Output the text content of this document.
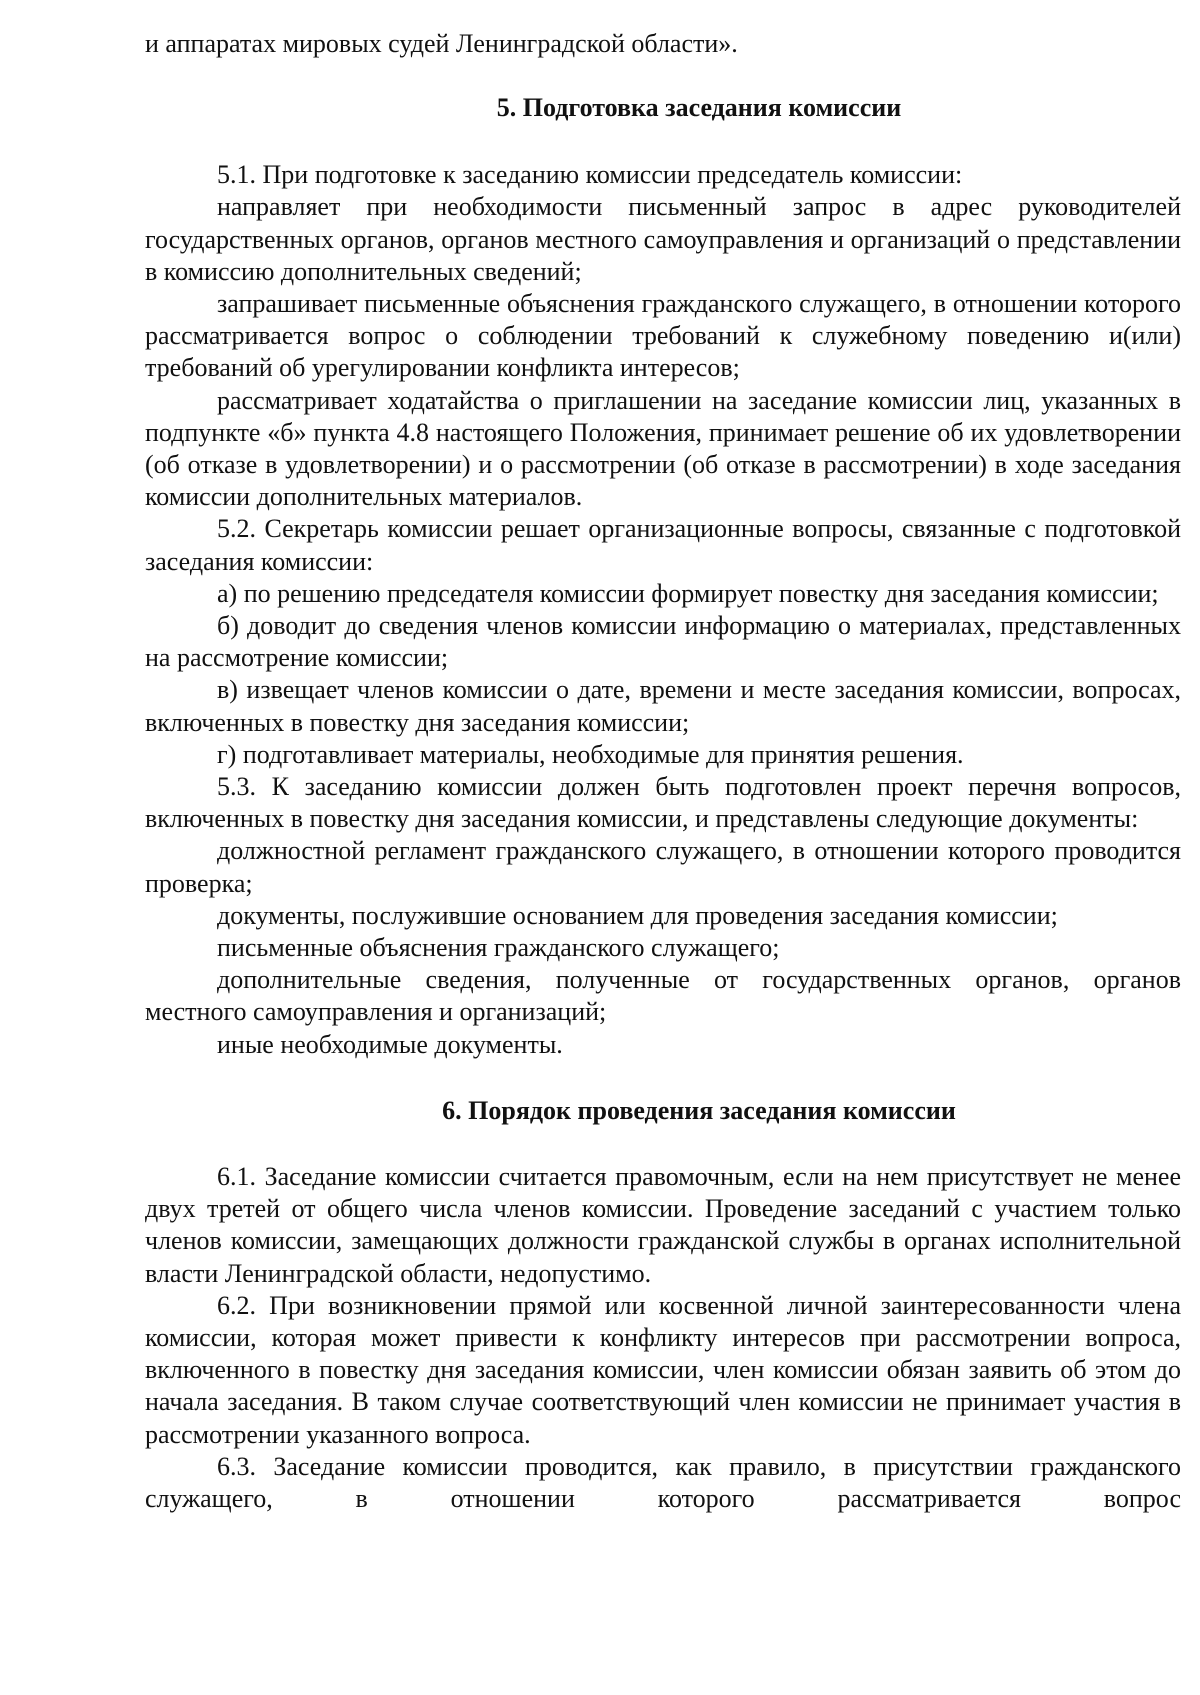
и аппаратах мировых судей Ленинградской области».

5. Подготовка заседания комиссии

5.1. При подготовке к заседанию комиссии председатель комиссии:

направляет при необходимости письменный запрос в адрес руководителей государственных органов, органов местного самоуправления и организаций о представлении в комиссию дополнительных сведений;

запрашивает письменные объяснения гражданского служащего, в отношении которого рассматривается вопрос о соблюдении требований к служебному поведению и(или) требований об урегулировании конфликта интересов;

рассматривает ходатайства о приглашении на заседание комиссии лиц, указанных в подпункте «б» пункта 4.8 настоящего Положения, принимает решение об их удовлетворении (об отказе в удовлетворении) и о рассмотрении (об отказе в рассмотрении) в ходе заседания комиссии дополнительных материалов.

5.2. Секретарь комиссии решает организационные вопросы, связанные с подготовкой заседания комиссии:

а) по решению председателя комиссии формирует повестку дня заседания комиссии;

б) доводит до сведения членов комиссии информацию о материалах, представленных на рассмотрение комиссии;

в) извещает членов комиссии о дате, времени и месте заседания комиссии, вопросах, включенных в повестку дня заседания комиссии;

г) подготавливает материалы, необходимые для принятия решения.

5.3. К заседанию комиссии должен быть подготовлен проект перечня вопросов, включенных в повестку дня заседания комиссии, и представлены следующие документы:

должностной регламент гражданского служащего, в отношении которого проводится проверка;

документы, послужившие основанием для проведения заседания комиссии;

письменные объяснения гражданского служащего;

дополнительные сведения, полученные от государственных органов, органов местного самоуправления и организаций;

иные необходимые документы.

6. Порядок проведения заседания комиссии

6.1. Заседание комиссии считается правомочным, если на нем присутствует не менее двух третей от общего числа членов комиссии. Проведение заседаний с участием только членов комиссии, замещающих должности гражданской службы в органах исполнительной власти Ленинградской области, недопустимо.

6.2. При возникновении прямой или косвенной личной заинтересованности члена комиссии, которая может привести к конфликту интересов при рассмотрении вопроса, включенного в повестку дня заседания комиссии, член комиссии обязан заявить об этом до начала заседания. В таком случае соответствующий член комиссии не принимает участия в рассмотрении указанного вопроса.

6.3. Заседание комиссии проводится, как правило, в присутствии гражданского служащего, в отношении которого рассматривается вопрос
